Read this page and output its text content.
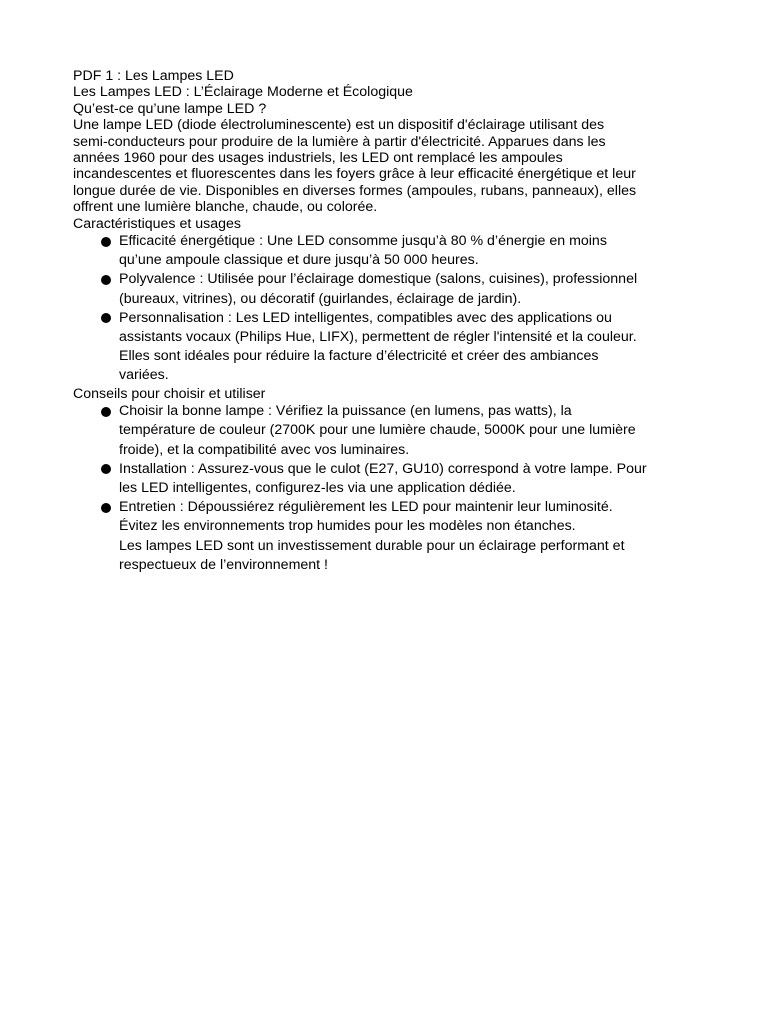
PDF 1 : Les Lampes LED
Les Lampes LED : L’Éclairage Moderne et Écologique
Qu’est-ce qu’une lampe LED ?
Une lampe LED (diode électroluminescente) est un dispositif d'éclairage utilisant des
semi-conducteurs pour produire de la lumière à partir d'électricité. Apparues dans les
années 1960 pour des usages industriels, les LED ont remplacé les ampoules
incandescentes et fluorescentes dans les foyers grâce à leur efficacité énergétique et leur
longue durée de vie. Disponibles en diverses formes (ampoules, rubans, panneaux), elles
offrent une lumière blanche, chaude, ou colorée.
Caractéristiques et usages
Efficacité énergétique : Une LED consomme jusqu’à 80 % d’énergie en moins
qu’une ampoule classique et dure jusqu’à 50 000 heures.
Polyvalence : Utilisée pour l’éclairage domestique (salons, cuisines), professionnel
(bureaux, vitrines), ou décoratif (guirlandes, éclairage de jardin).
Personnalisation : Les LED intelligentes, compatibles avec des applications ou
assistants vocaux (Philips Hue, LIFX), permettent de régler l'intensité et la couleur.
Elles sont idéales pour réduire la facture d’électricité et créer des ambiances
variées.
Conseils pour choisir et utiliser
Choisir la bonne lampe : Vérifiez la puissance (en lumens, pas watts), la
température de couleur (2700K pour une lumière chaude, 5000K pour une lumière
froide), et la compatibilité avec vos luminaires.
Installation : Assurez-vous que le culot (E27, GU10) correspond à votre lampe. Pour
les LED intelligentes, configurez-les via une application dédiée.
Entretien : Dépoussiérez régulièrement les LED pour maintenir leur luminosité.
Évitez les environnements trop humides pour les modèles non étanches.
Les lampes LED sont un investissement durable pour un éclairage performant et
respectueux de l’environnement !
